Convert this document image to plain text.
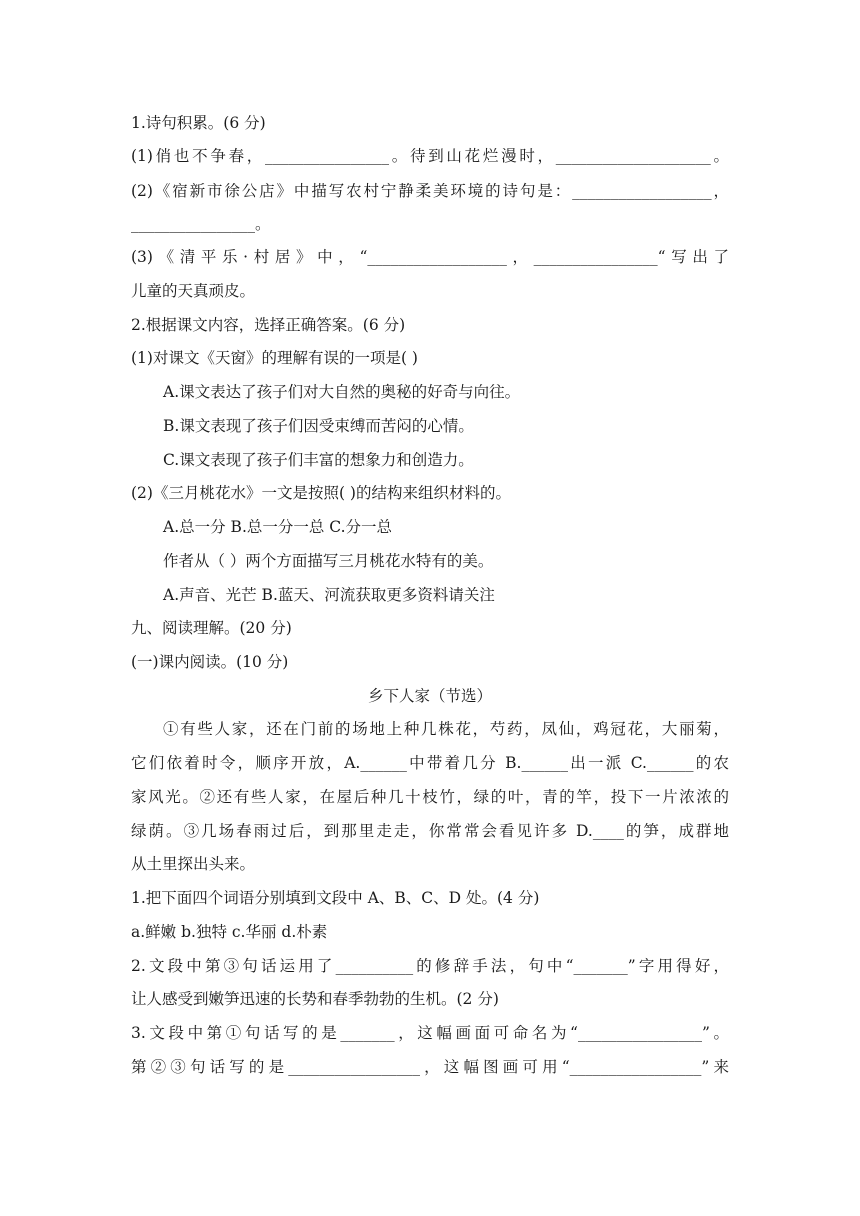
1.诗句积累。(6 分)
(1)俏也不争春，________________。待到山花烂漫时，____________________。
(2)《宿新市徐公店》中描写农村宁静柔美环境的诗句是：__________________，
________________。
(3)《清平乐·村居》中，“__________________，________________“写出了
儿童的天真顽皮。
2.根据课文内容，选择正确答案。(6 分)
(1)对课文《天窗》的理解有误的一项是( )
A.课文表达了孩子们对大自然的奥秘的好奇与向往。
B.课文表现了孩子们因受束缚而苦闷的心情。
C.课文表现了孩子们丰富的想象力和创造力。
(2)《三月桃花水》一文是按照( )的结构来组织材料的。
A.总一分 B.总一分一总 C.分一总
作者从（ ）两个方面描写三月桃花水特有的美。
A.声音、光芒 B.蓝天、河流获取更多资料请关注
九、阅读理解。(20 分)
(一)课内阅读。(10 分)
乡下人家（节选）
①有些人家，还在门前的场地上种几株花，芍药，凤仙，鸡冠花，大丽菊，
它们依着时令，顺序开放，A.______中带着几分 B.______出一派 C.______的农
家风光。②还有些人家，在屋后种几十枝竹，绿的叶，青的竿，投下一片浓浓的
绿荫。③几场春雨过后，到那里走走，你常常会看见许多 D.____的笋，成群地
从土里探出头来。
1.把下面四个词语分别填到文段中 A、B、C、D 处。(4 分)
a.鲜嫩 b.独特 c.华丽 d.朴素
2.文段中第③句话运用了__________的修辞手法，句中“_______”字用得好，
让人感受到嫩笋迅速的长势和春季勃勃的生机。(2 分)
3.文段中第①句话写的是_______，这幅画面可命名为“________________”。
第②③句话写的是_________________，这幅图画可用“_________________”来
